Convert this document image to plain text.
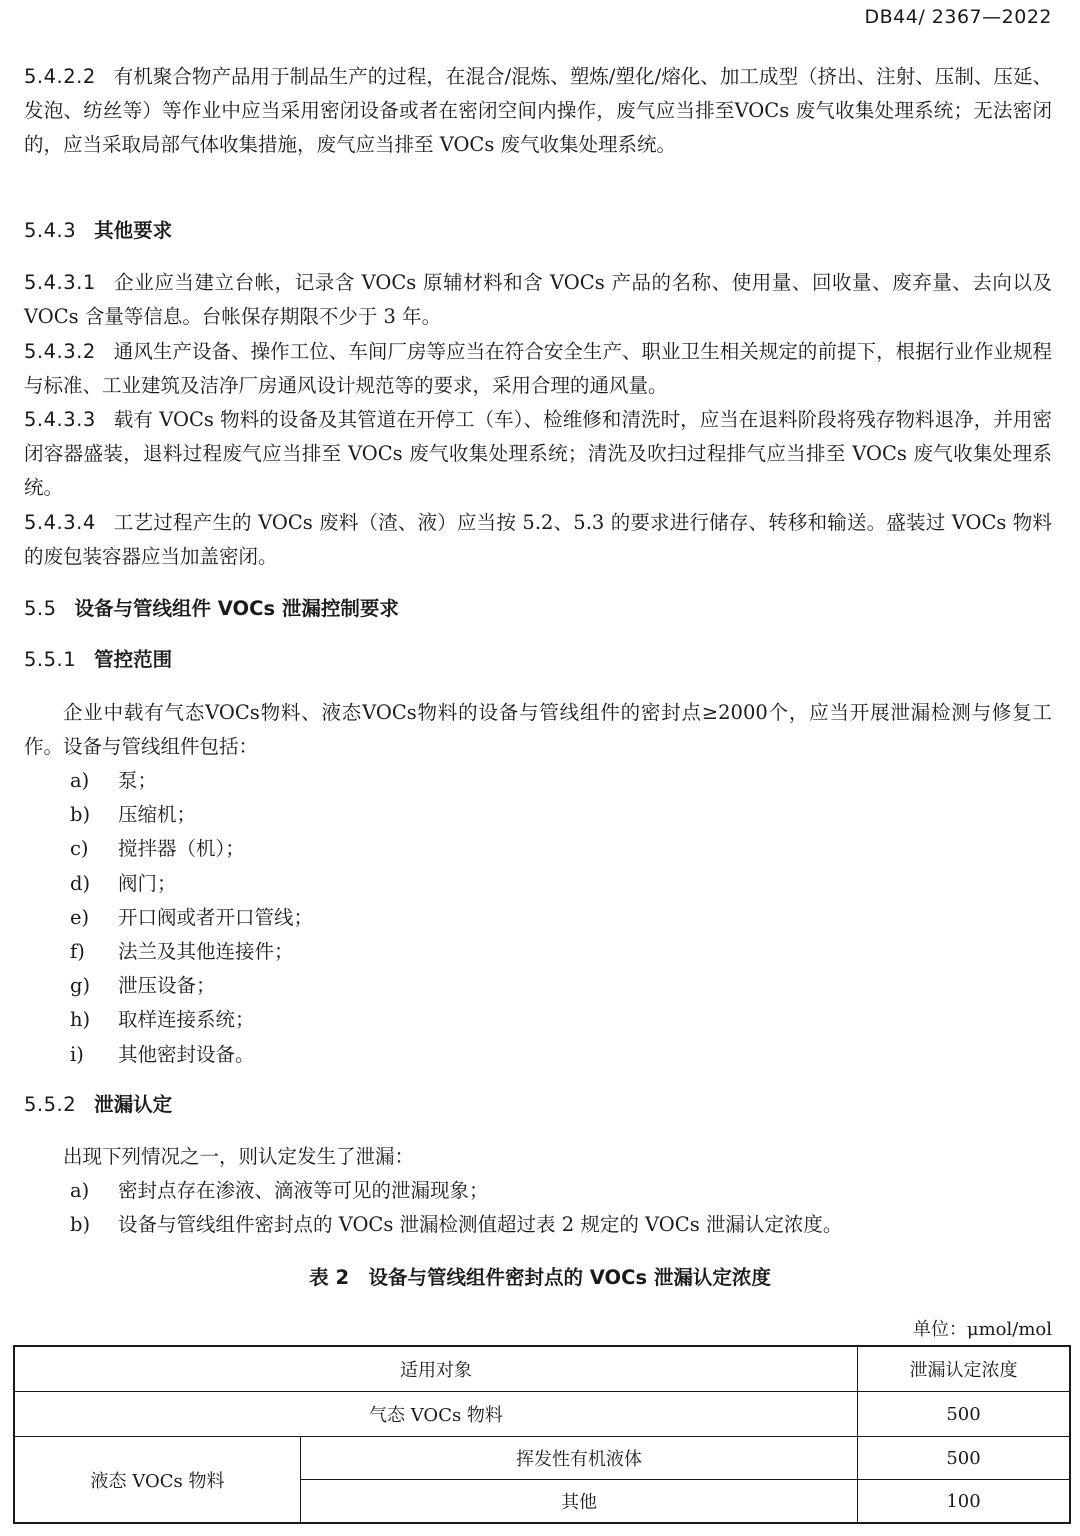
DB44/ 2367—2022

5.4.2.2 有机聚合物产品用于制品生产的过程，在混合/混炼、塑炼/塑化/熔化、加工成型（挤出、注射、压制、压延、发泡、纺丝等）等作业中应当采用密闭设备或者在密闭空间内操作，废气应当排至VOCs 废气收集处理系统；无法密闭的，应当采取局部气体收集措施，废气应当排至 VOCs 废气收集处理系统。

5.4.3 其他要求

5.4.3.1 企业应当建立台帐，记录含 VOCs 原辅材料和含 VOCs 产品的名称、使用量、回收量、废弃量、去向以及 VOCs 含量等信息。台帐保存期限不少于 3 年。

5.4.3.2 通风生产设备、操作工位、车间厂房等应当在符合安全生产、职业卫生相关规定的前提下，根据行业作业规程与标准、工业建筑及洁净厂房通风设计规范等的要求，采用合理的通风量。

5.4.3.3 载有 VOCs 物料的设备及其管道在开停工（车）、检维修和清洗时，应当在退料阶段将残存物料退净，并用密闭容器盛装，退料过程废气应当排至 VOCs 废气收集处理系统；清洗及吹扫过程排气应当排至 VOCs 废气收集处理系统。

5.4.3.4 工艺过程产生的 VOCs 废料（渣、液）应当按 5.2、5.3 的要求进行储存、转移和输送。盛装过 VOCs 物料的废包装容器应当加盖密闭。

5.5 设备与管线组件 VOCs 泄漏控制要求
5.5.1 管控范围

企业中载有气态VOCs物料、液态VOCs物料的设备与管线组件的密封点≥2000个，应当开展泄漏检测与修复工作。设备与管线组件包括：

a) 泵；
b) 压缩机；
c) 搅拌器（机）；
d) 阀门；
e) 开口阀或者开口管线；
f) 法兰及其他连接件；
g) 泄压设备；
h) 取样连接系统；
i) 其他密封设备。
5.5.2 泄漏认定

出现下列情况之一，则认定发生了泄漏：

a) 密封点存在渗液、滴液等可见的泄漏现象；
b) 设备与管线组件密封点的 VOCs 泄漏检测值超过表 2 规定的 VOCs 泄漏认定浓度。

表 2　设备与管线组件密封点的 VOCs 泄漏认定浓度

单位：μmol/mol
适用对象		泄漏认定浓度
气态 VOCs 物料		500
液态 VOCs 物料	挥发性有机液体	500
	其他	100
